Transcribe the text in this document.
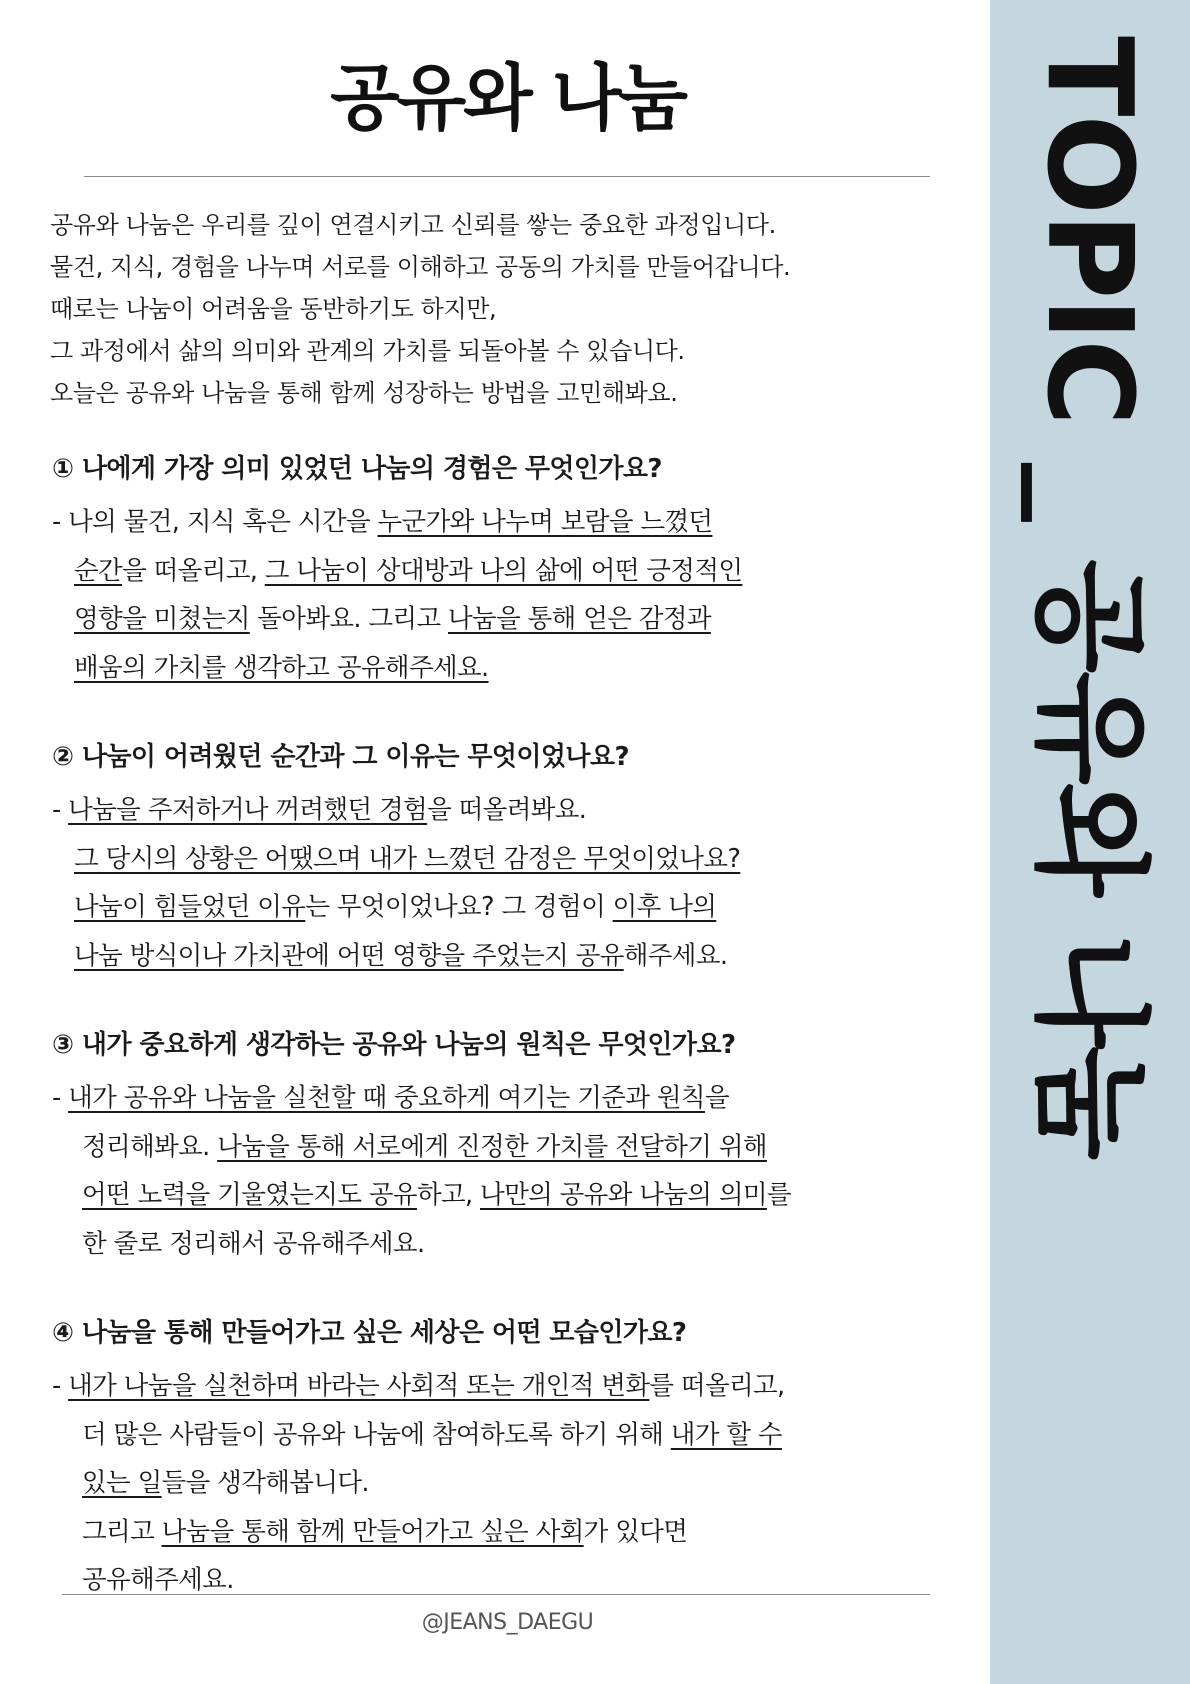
공유와 나눔
공유와 나눔은 우리를 깊이 연결시키고 신뢰를 쌓는 중요한 과정입니다.
물건, 지식, 경험을 나누며 서로를 이해하고 공동의 가치를 만들어갑니다.
때로는 나눔이 어려움을 동반하기도 하지만,
그 과정에서 삶의 의미와 관계의 가치를 되돌아볼 수 있습니다.
오늘은 공유와 나눔을 통해 함께 성장하는 방법을 고민해봐요.
① 나에게 가장 의미 있었던 나눔의 경험은 무엇인가요?
- 나의 물건, 지식 혹은 시간을 누군가와 나누며 보람을 느꼈던
순간을 떠올리고, 그 나눔이 상대방과 나의 삶에 어떤 긍정적인
영향을 미쳤는지 돌아봐요. 그리고 나눔을 통해 얻은 감정과
배움의 가치를 생각하고 공유해주세요.
② 나눔이 어려웠던 순간과 그 이유는 무엇이었나요?
- 나눔을 주저하거나 꺼려했던 경험을 떠올려봐요.
그 당시의 상황은 어땠으며 내가 느꼈던 감정은 무엇이었나요?
나눔이 힘들었던 이유는 무엇이었나요? 그 경험이 이후 나의
나눔 방식이나 가치관에 어떤 영향을 주었는지 공유해주세요.
③ 내가 중요하게 생각하는 공유와 나눔의 원칙은 무엇인가요?
- 내가 공유와 나눔을 실천할 때 중요하게 여기는 기준과 원칙을
정리해봐요. 나눔을 통해 서로에게 진정한 가치를 전달하기 위해
어떤 노력을 기울였는지도 공유하고, 나만의 공유와 나눔의 의미를
한 줄로 정리해서 공유해주세요.
④ 나눔을 통해 만들어가고 싶은 세상은 어떤 모습인가요?
- 내가 나눔을 실천하며 바라는 사회적 또는 개인적 변화를 떠올리고,
더 많은 사람들이 공유와 나눔에 참여하도록 하기 위해 내가 할 수
있는 일들을 생각해봅니다.
그리고 나눔을 통해 함께 만들어가고 싶은 사회가 있다면
공유해주세요.
@JEANS_DAEGU
TOPIC _ 공유와 나눔
